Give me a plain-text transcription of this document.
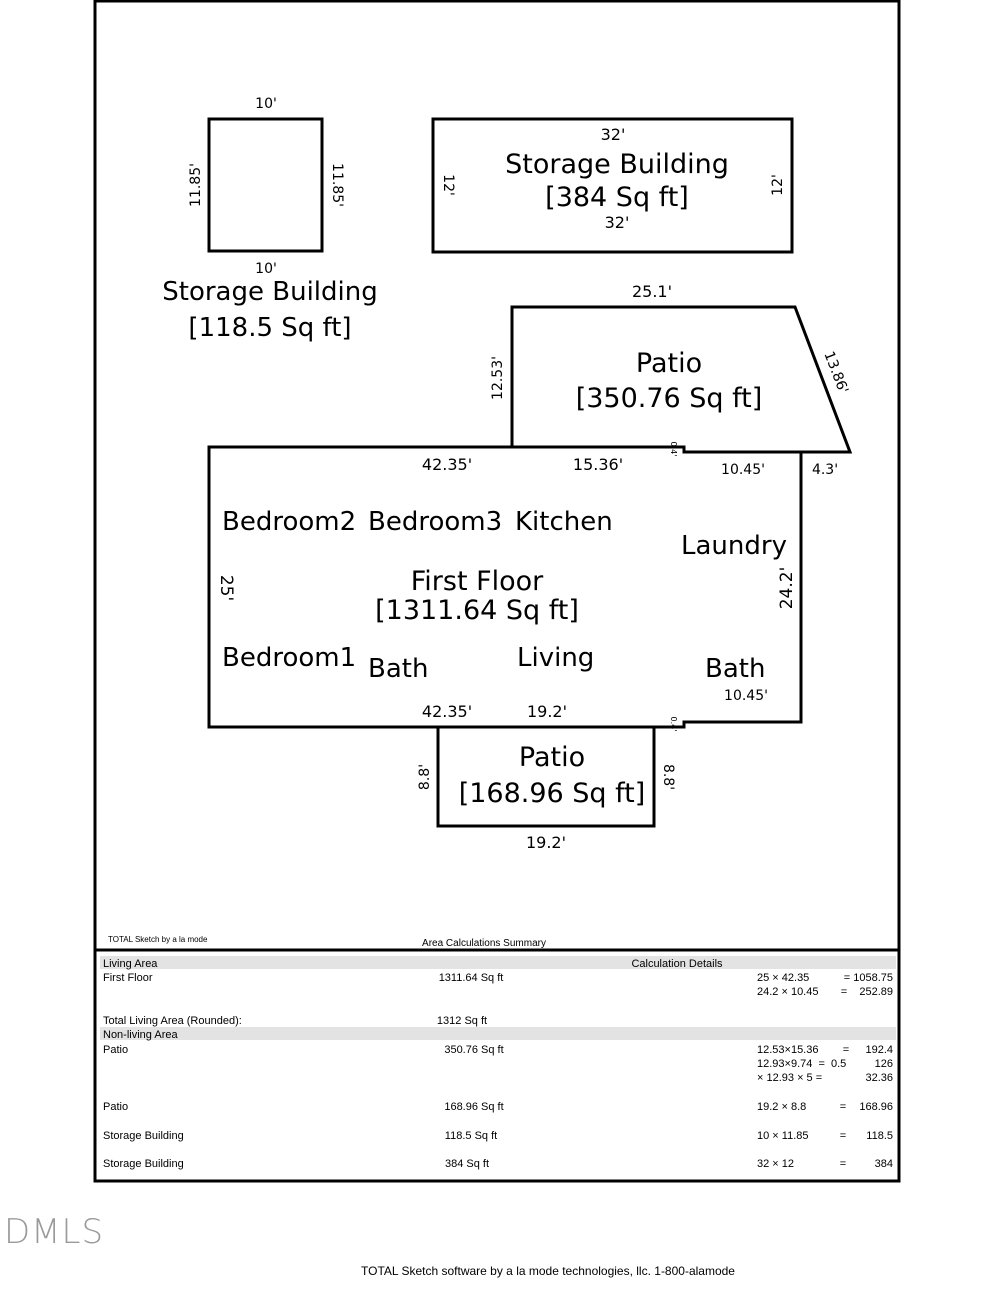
10'
10'
11.85'	11.85'
Storage Building
[118.5 Sq ft]
32'
Storage Building
[384 Sq ft]
32'
12'	12'
25.1'
12.53'	13.86'
Patio
[350.76 Sq ft]
0.4'
42.35'	15.36'	10.45'	4.3'
25'	24.2'
Bedroom2 Bedroom3 Kitchen
Laundry
First Floor
[1311.64 Sq ft]
Bedroom1 Bath	Living	Bath
10.45'
42.35'	19.2'
0.4'
Patio
[168.96 Sq ft]
8.8'	8.8'
19.2'
TOTAL Sketch by a la mode	Area Calculations Summary
Living Area	Calculation Details
First Floor	1311.64 Sq ft	25 × 42.35	= 1058.75
24.2 × 10.45 =    252.89
Total Living Area (Rounded):	1312 Sq ft
Non-living Area
Patio	350.76 Sq ft	12.53×15.36 = 192.4
12.93×9.74  =  0.5	126
× 12.93 × 5 =	32.36
Patio	168.96 Sq ft	19.2 × 8.8	= 168.96
Storage Building	118.5 Sq ft	10 × 11.85	= 118.5
Storage Building	384 Sq ft	32 × 12	=	384
DMLS
TOTAL Sketch software by a la mode technologies, llc. 1-800-alamode
